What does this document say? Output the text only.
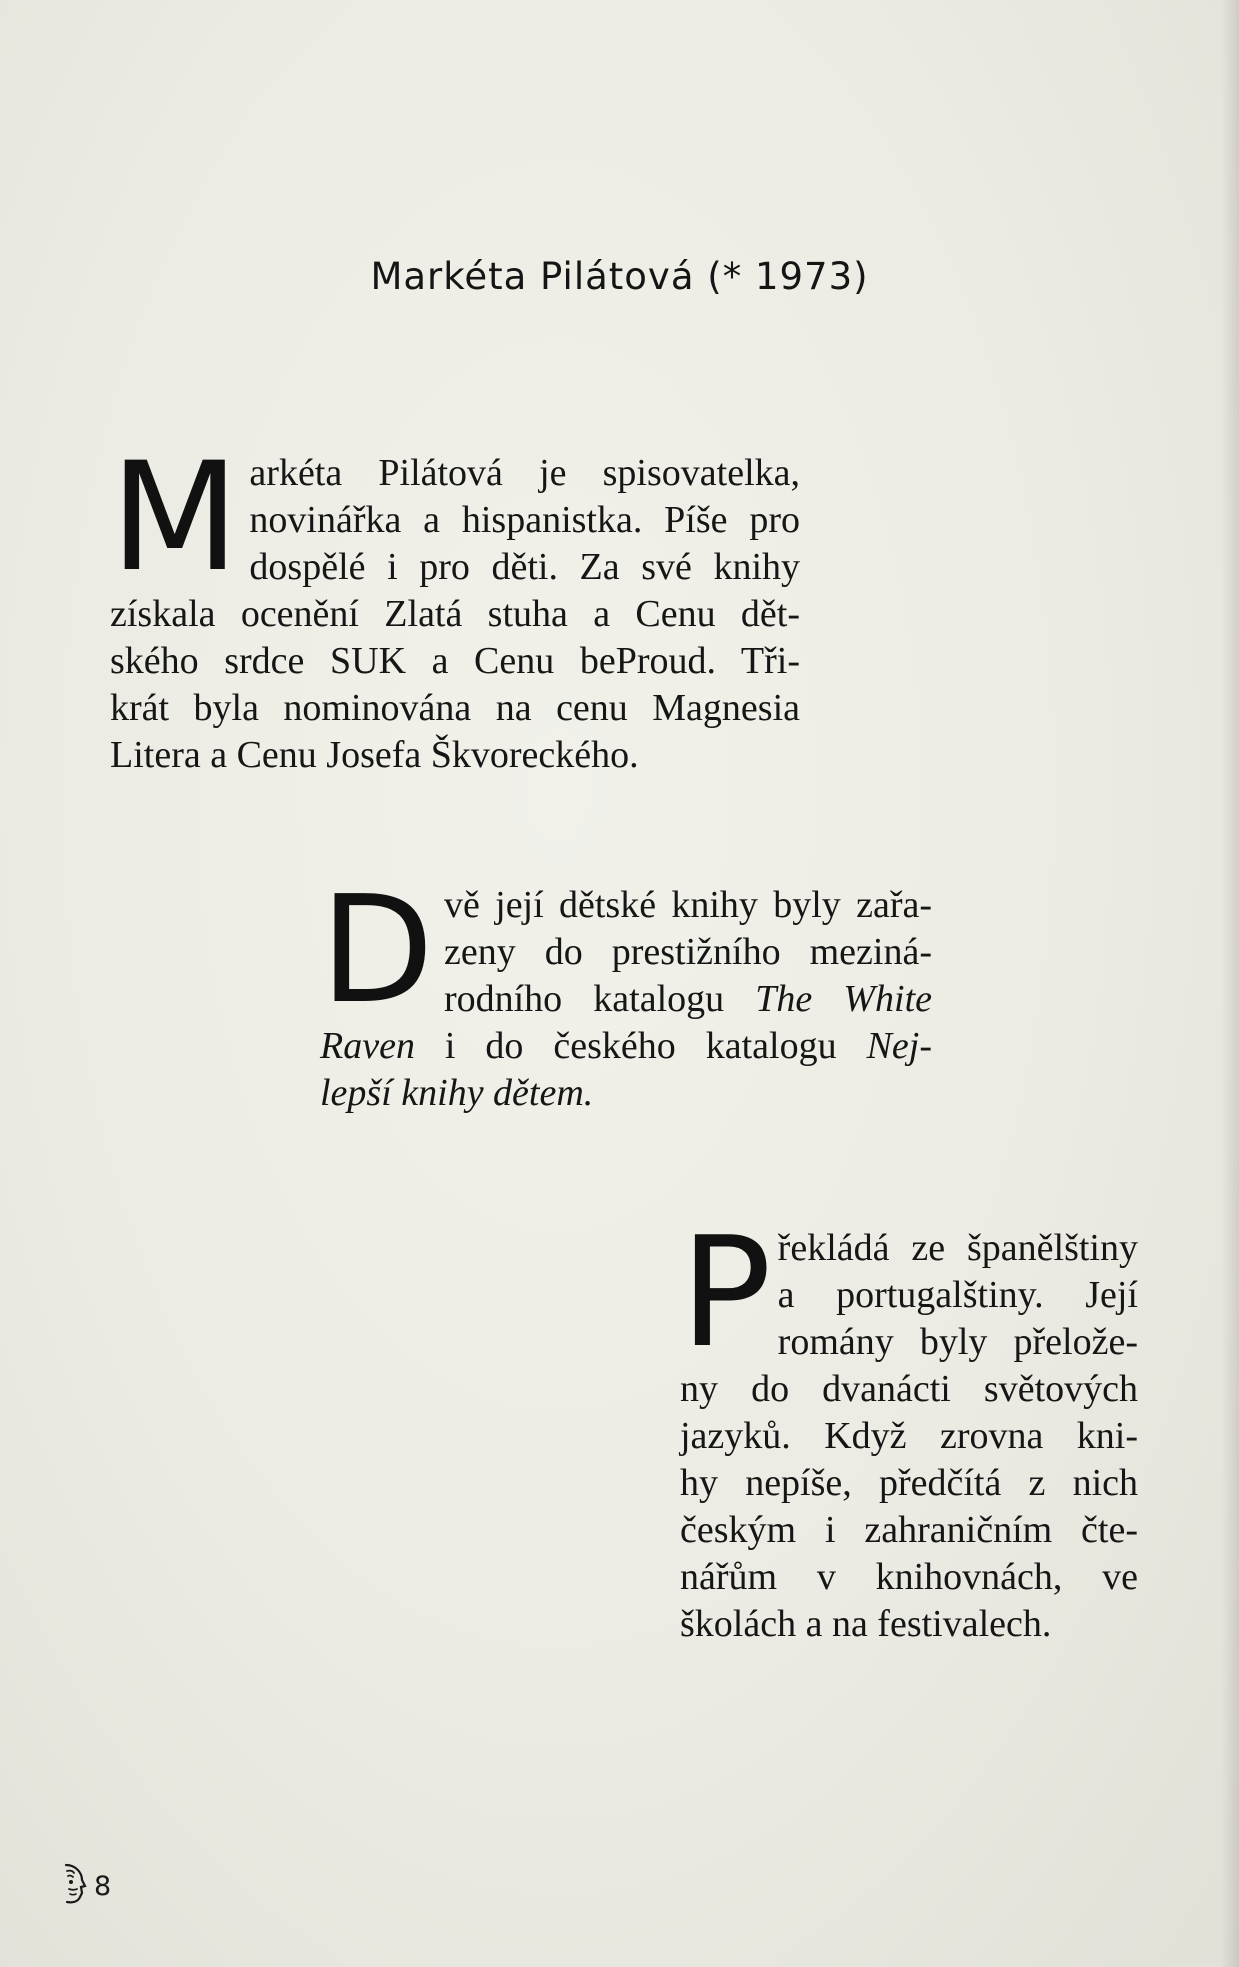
Markéta Pilátová (* 1973)
M arkéta Pilátová je spisovatelka,
novinářka a hispanistka. Píše pro
dospělé i pro děti. Za své knihy
získala ocenění Zlatá stuha a Cenu dět-
ského srdce SUK a Cenu beProud. Tři-
krát byla nominována na cenu Magnesia
Litera a Cenu Josefa Škvoreckého.
D vě její dětské knihy byly zařa-
zeny do prestižního meziná-
rodního katalogu The White
Raven i do českého katalogu Nej-
lepší knihy dětem.
P řekládá ze španělštiny
a portugalštiny. Její
romány byly přelože-
ny do dvanácti světových
jazyků. Když zrovna kni-
hy nepíše, předčítá z nich
českým i zahraničním čte-
nářům v knihovnách, ve
školách a na festivalech.
8
